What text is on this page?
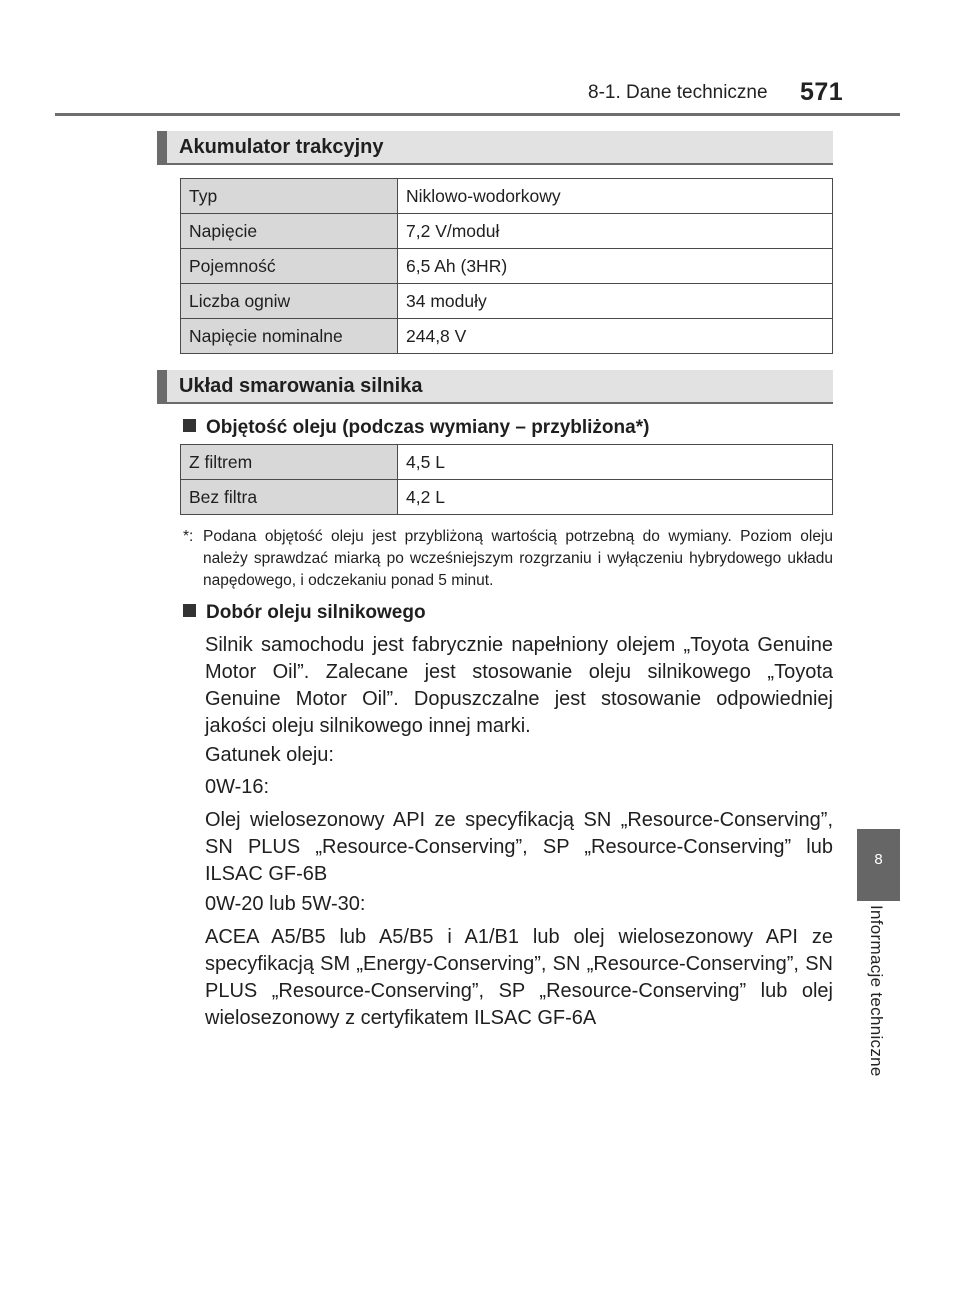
8-1. Dane techniczne 571
Akumulator trakcyjny
Typ	Niklowo-wodorkowy
Napięcie	7,2 V/moduł
Pojemność	6,5 Ah (3HR)
Liczba ogniw	34 moduły
Napięcie nominalne	244,8 V
Układ smarowania silnika
Objętość oleju (podczas wymiany – przybliżona*)
Z filtrem	4,5 L
Bez filtra	4,2 L
*: Podana objętość oleju jest przybliżoną wartością potrzebną do wymiany. Poziom oleju należy sprawdzać miarką po wcześniejszym rozgrzaniu i wyłączeniu hybrydowego układu napędowego, i odczekaniu ponad 5 minut.
Dobór oleju silnikowego

Silnik samochodu jest fabrycznie napełniony olejem „Toyota Genuine Motor Oil”. Zalecane jest stosowanie oleju silnikowego „Toyota Genuine Motor Oil”. Dopuszczalne jest stosowanie odpowiedniej jakości oleju silnikowego innej marki.

Gatunek oleju:

0W-16:

Olej wielosezonowy API ze specyfikacją SN „Resource-Conserving”, SN PLUS „Resource-Conserving”, SP „Resource-Conserving” lub ILSAC GF-6B

0W-20 lub 5W-30:

ACEA A5/B5 lub A5/B5 i A1/B1 lub olej wielosezonowy API ze specyfikacją SM „Energy-Conserving”, SN „Resource-Conserving”, SN PLUS „Resource-Conserving”, SP „Resource-Conserving” lub olej wielosezonowy z certyfikatem ILSAC GF-6A

8
Informacje techniczne
